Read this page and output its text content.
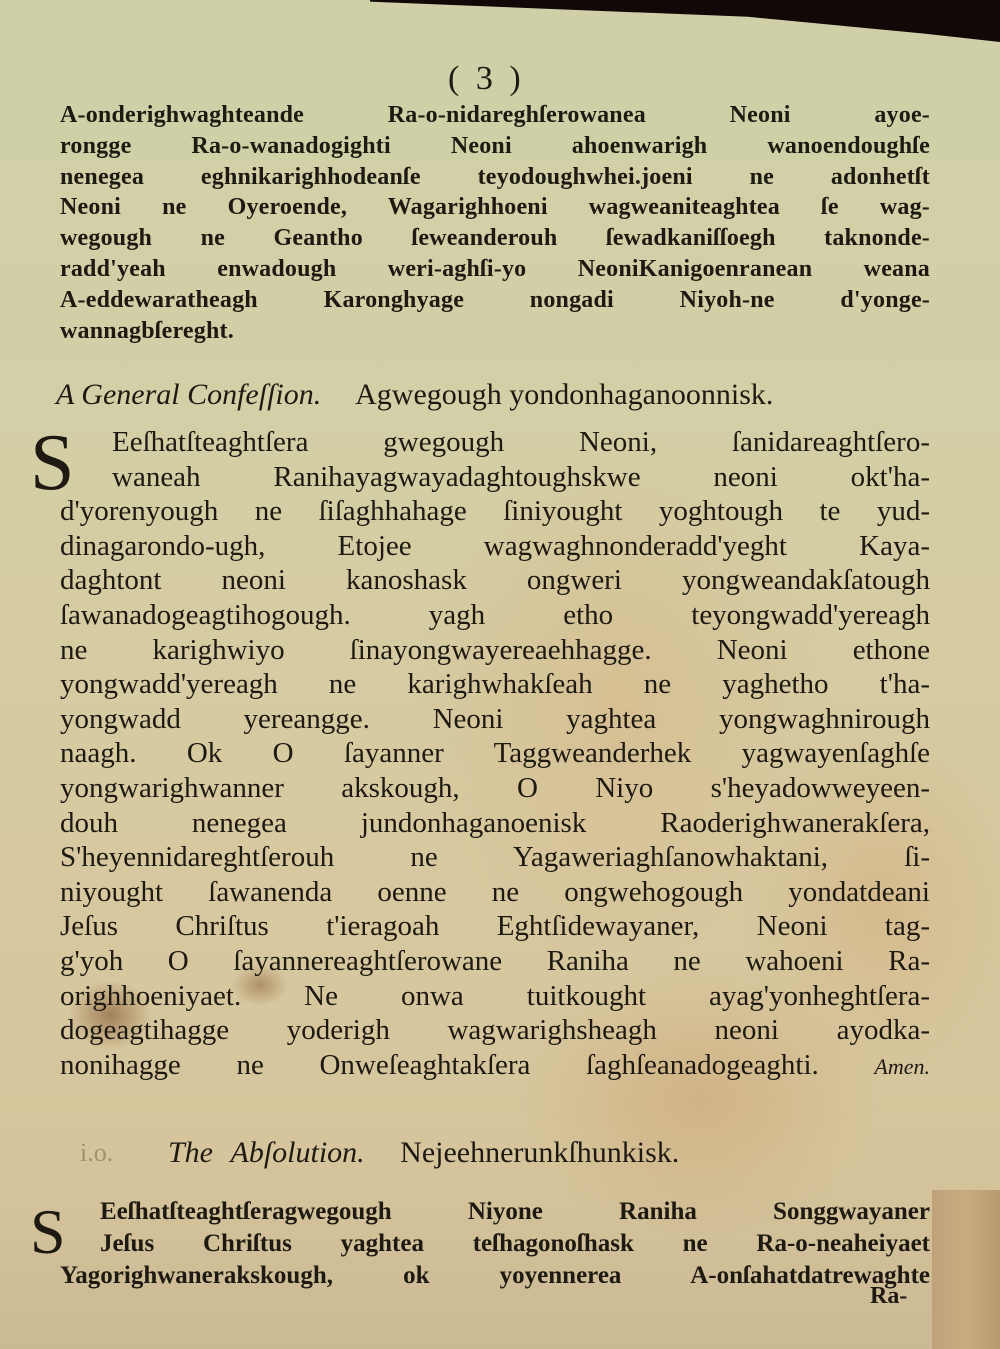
( 3 )
A-onderighwaghteande Ra-o-nidareghſerowanea Neoni ayoe-
rongge Ra-o-wanadogighti Neoni ahoenwarigh wanoendoughſe
nenegea eghnikarighhodeanſe teyodoughwhei.joeni ne adonhetſt
Neoni ne Oyeroende, Wagarighhoeni wagweaniteaghtea ſe wag-
wegough ne Geantho ſeweanderouh ſewadkaniſſoegh taknonde-
radd'yeah enwadough weri-aghſi-yo NeoniKanigoenranean weana
A-eddewaratheagh Karonghyage nongadi Niyoh-ne d'yonge-
wannagbſereght.
A General Confeſſion. Agwegough yondonhaganoonnisk.
S	Eeſhatſteaghtſera gwegough Neoni, ſanidareaghtſero-
waneah Ranihayagwayadaghtoughskwe neoni okt'ha-
d'yorenyough ne ſiſaghhahage ſiniyought yoghtough te yud-
dinagarondo-ugh, Etojee wagwaghnonderadd'yeght Kaya-
daghtont neoni kanoshask ongweri yongweandakſatough
ſawanadogeagtihogough. yagh etho teyongwadd'yereagh
ne karighwiyo ſinayongwayereaehhagge. Neoni ethone
yongwadd'yereagh ne karighwhakſeah ne yaghetho t'ha-
yongwadd yereangge. Neoni yaghtea yongwaghnirough
naagh. Ok O ſayanner Taggweanderhek yagwayenſaghſe
yongwarighwanner akskough, O Niyo s'heyadowweyeen-
douh nenegea jundonhaganoenisk Raoderighwanerakſera,
S'heyennidareghtſerouh ne Yagaweriaghſanowhaktani, ſi-
niyought ſawanenda oenne ne ongwehogough yondatdeani
Jeſus Chriſtus t'ieragoah Eghtſidewayaner, Neoni tag-
g'yoh O ſayannereaghtſerowane Raniha ne wahoeni Ra-
orighhoeniyaet. Ne onwa tuitkought ayag'yonheghtſera-
dogeagtihagge yoderigh wagwarighsheagh neoni ayodka-
nonihagge ne Onweſeaghtakſera ſaghſeanadogeaghti.	Amen.
i.o. The Abſolution. Nejeehnerunkſhunkisk.
S	Eeſhatſteaghtſeragwegough Niyone Raniha Songgwayaner
Jeſus Chriſtus yaghtea teſhagonoſhask ne Ra-o-neaheiyaet
Yagorighwanerakskough, ok yoyennerea A-onſahatdatrewaghte
Ra-
